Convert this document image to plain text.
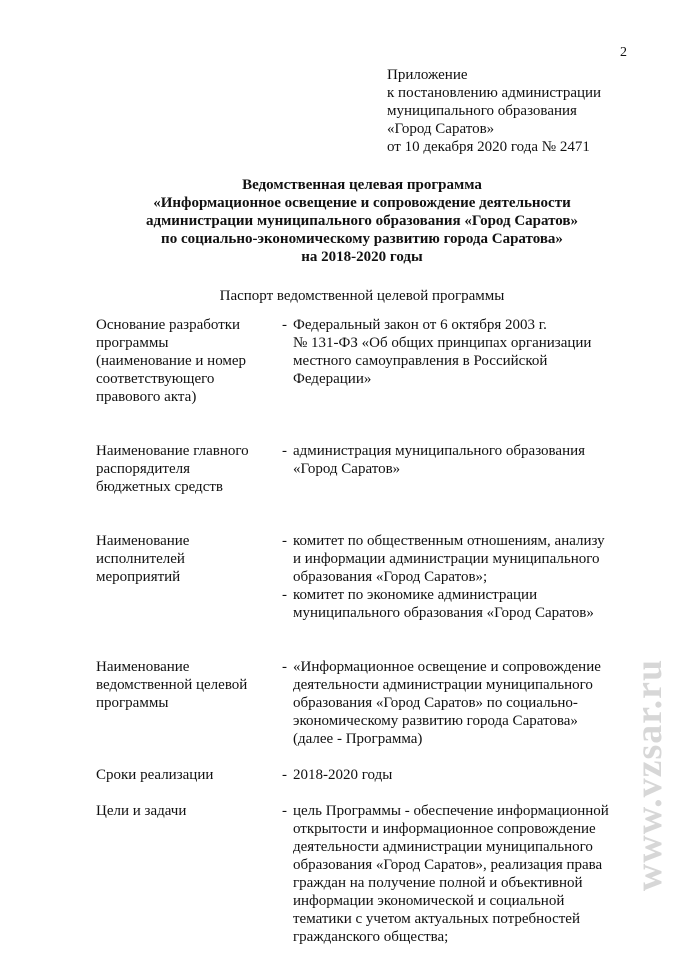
2
Приложение
к постановлению администрации
муниципального образования
«Город Саратов»
от 10 декабря 2020 года № 2471
Ведомственная целевая программа
«Информационное освещение и сопровождение деятельности
администрации муниципального образования «Город Саратов»
по социально-экономическому развитию города Саратова»
на 2018-2020 годы
Паспорт ведомственной целевой программы
Основание разработки
программы
(наименование и номер
соответствующего
правового акта)
- Федеральный закон от 6 октября 2003 г.
№ 131-ФЗ «Об общих принципах организации
местного самоуправления в Российской
Федерации»
Наименование главного
распорядителя
бюджетных средств
- администрация муниципального образования
«Город Саратов»
Наименование
исполнителей
мероприятий
- комитет по общественным отношениям, анализу
и информации администрации муниципального
образования «Город Саратов»;
- комитет по экономике администрации
муниципального образования «Город Саратов»
Наименование
ведомственной целевой
программы
- «Информационное освещение и сопровождение
деятельности администрации муниципального
образования «Город Саратов» по социально-
экономическому развитию города Саратова»
(далее - Программа)
Сроки реализации	- 2018-2020 годы
Цели и задачи	- цель Программы - обеспечение информационной
открытости и информационное сопровождение
деятельности администрации муниципального
образования «Город Саратов», реализация права
граждан на получение полной и объективной
информации экономической и социальной
тематики с учетом актуальных потребностей
гражданского общества;
www.vzsar.ru
